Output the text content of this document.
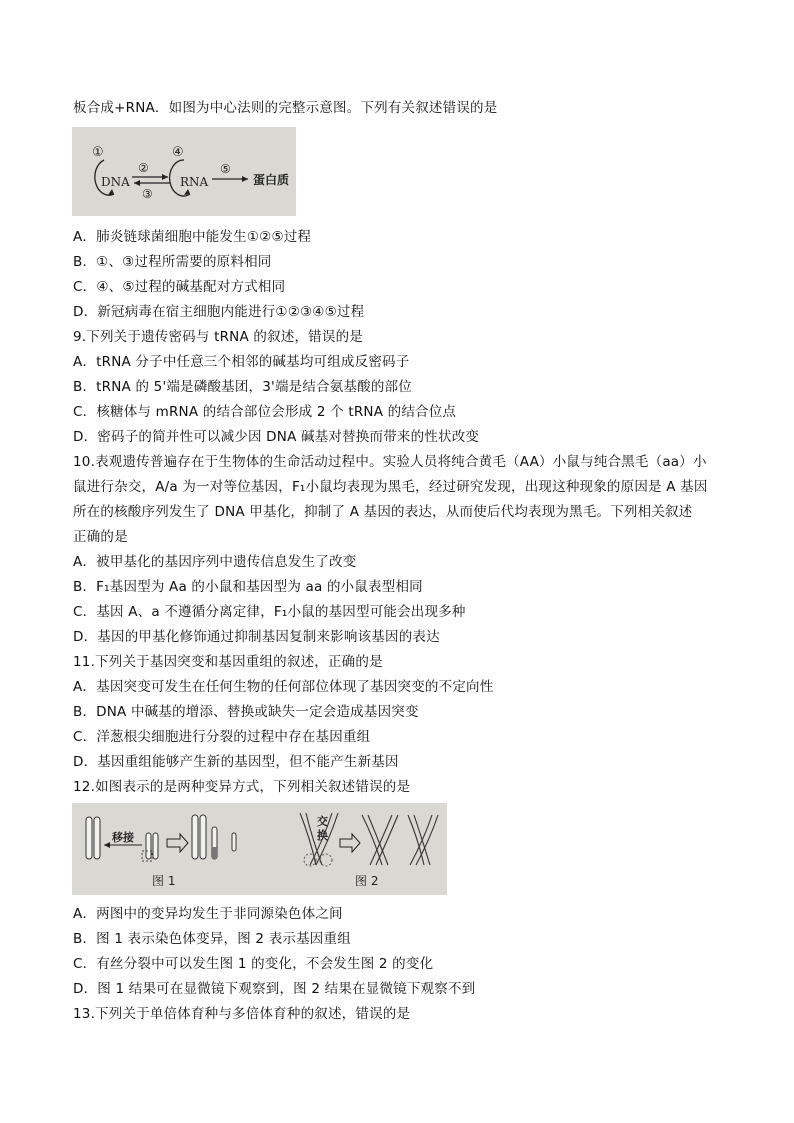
板合成+RNA．如图为中心法则的完整示意图。下列有关叙述错误的是
①
DNA
②
③
④
RNA
⑤
蛋白质
A．肺炎链球菌细胞中能发生①②⑤过程
B．①、③过程所需要的原料相同
C．④、⑤过程的碱基配对方式相同
D．新冠病毒在宿主细胞内能进行①②③④⑤过程
9.下列关于遗传密码与 tRNA 的叙述，错误的是
A．tRNA 分子中任意三个相邻的碱基均可组成反密码子
B．tRNA 的 5'端是磷酸基团，3'端是结合氨基酸的部位
C．核糖体与 mRNA 的结合部位会形成 2 个 tRNA 的结合位点
D．密码子的简并性可以减少因 DNA 碱基对替换而带来的性状改变
10.表观遗传普遍存在于生物体的生命活动过程中。实验人员将纯合黄毛（AA）小鼠与纯合黑毛（aa）小
鼠进行杂交，A/a 为一对等位基因，F₁小鼠均表现为黑毛，经过研究发现，出现这种现象的原因是 A 基因
所在的核酸序列发生了 DNA 甲基化，抑制了 A 基因的表达，从而使后代均表现为黑毛。下列相关叙述
正确的是
A．被甲基化的基因序列中遗传信息发生了改变
B．F₁基因型为 Aa 的小鼠和基因型为 aa 的小鼠表型相同
C．基因 A、a 不遵循分离定律，F₁小鼠的基因型可能会出现多种
D．基因的甲基化修饰通过抑制基因复制来影响该基因的表达
11.下列关于基因突变和基因重组的叙述，正确的是
A．基因突变可发生在任何生物的任何部位体现了基因突变的不定向性
B．DNA 中碱基的增添、替换或缺失一定会造成基因突变
C．洋葱根尖细胞进行分裂的过程中存在基因重组
D．基因重组能够产生新的基因型，但不能产生新基因
12.如图表示的是两种变异方式，下列相关叙述错误的是
移接
图 1
交
换
图 2
A．两图中的变异均发生于非同源染色体之间
B．图 1 表示染色体变异，图 2 表示基因重组
C．有丝分裂中可以发生图 1 的变化，不会发生图 2 的变化
D．图 1 结果可在显微镜下观察到，图 2 结果在显微镜下观察不到
13.下列关于单倍体育种与多倍体育种的叙述，错误的是
